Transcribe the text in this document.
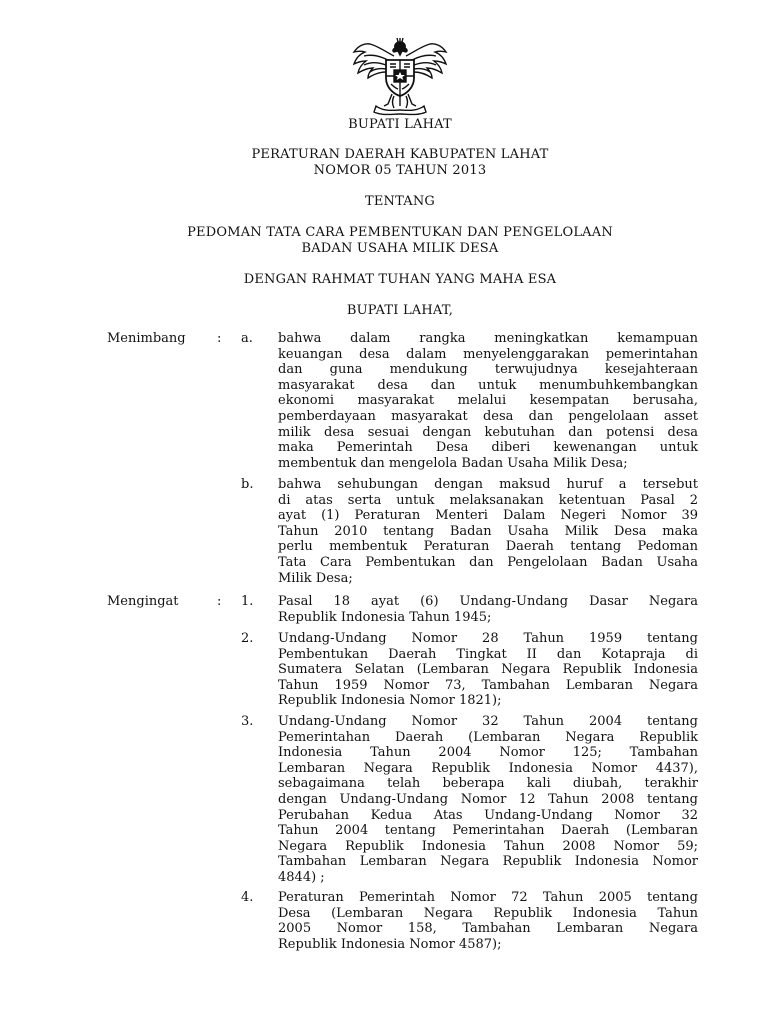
BUPATI LAHAT
PERATURAN DAERAH KABUPATEN LAHAT
NOMOR 05 TAHUN 2013
TENTANG
PEDOMAN TATA CARA PEMBENTUKAN DAN PENGELOLAAN
BADAN USAHA MILIK DESA
DENGAN RAHMAT TUHAN YANG MAHA ESA
BUPATI LAHAT,
Menimbang : a. bahwa dalam rangka meningkatkan kemampuan
keuangan desa dalam menyelenggarakan pemerintahan
dan guna mendukung terwujudnya kesejahteraan
masyarakat desa dan untuk menumbuhkembangkan
ekonomi masyarakat melalui kesempatan berusaha,
pemberdayaan masyarakat desa dan pengelolaan asset
milik desa sesuai dengan kebutuhan dan potensi desa
maka Pemerintah Desa diberi kewenangan untuk
membentuk dan mengelola Badan Usaha Milik Desa;
b. bahwa sehubungan dengan maksud huruf a tersebut
di atas serta untuk melaksanakan ketentuan Pasal 2
ayat (1) Peraturan Menteri Dalam Negeri Nomor 39
Tahun 2010 tentang Badan Usaha Milik Desa maka
perlu membentuk Peraturan Daerah tentang Pedoman
Tata Cara Pembentukan dan Pengelolaan Badan Usaha
Milik Desa;
Mengingat	: 1. Pasal 18 ayat (6) Undang-Undang Dasar Negara
Republik Indonesia Tahun 1945;
2. Undang-Undang Nomor 28 Tahun 1959 tentang
Pembentukan Daerah Tingkat II dan Kotapraja di
Sumatera Selatan (Lembaran Negara Republik Indonesia
Tahun 1959 Nomor 73, Tambahan Lembaran Negara
Republik Indonesia Nomor 1821);
3. Undang-Undang Nomor 32 Tahun 2004 tentang
Pemerintahan Daerah (Lembaran Negara Republik
Indonesia Tahun 2004 Nomor 125; Tambahan
Lembaran Negara Republik Indonesia Nomor 4437),
sebagaimana telah beberapa kali diubah, terakhir
dengan Undang-Undang Nomor 12 Tahun 2008 tentang
Perubahan Kedua Atas Undang-Undang Nomor 32
Tahun 2004 tentang Pemerintahan Daerah (Lembaran
Negara Republik Indonesia Tahun 2008 Nomor 59;
Tambahan Lembaran Negara Republik Indonesia Nomor
4844) ;
4. Peraturan Pemerintah Nomor 72 Tahun 2005 tentang
Desa (Lembaran Negara Republik Indonesia Tahun
2005 Nomor 158, Tambahan Lembaran Negara
Republik Indonesia Nomor 4587);
